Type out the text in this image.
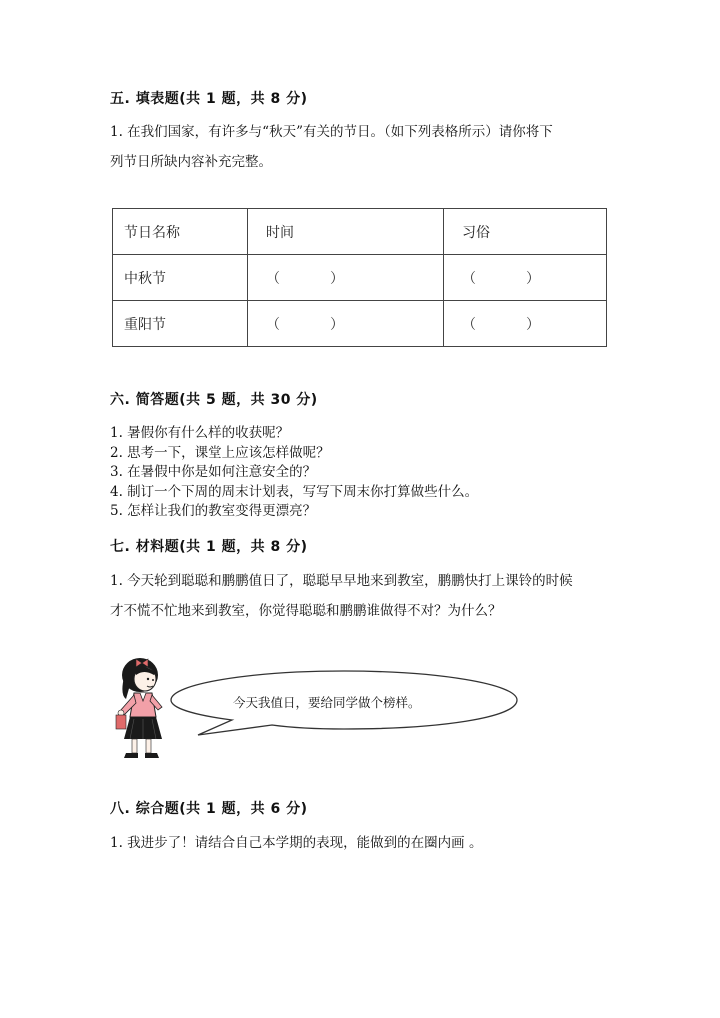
五. 填表题(共 1 题，共 8 分)
1. 在我们国家，有许多与“秋天”有关的节日。（如下列表格所示）请你将下
列节日所缺内容补充完整。
节日名称	时间	习俗
中秋节	（ ）	（ ）
重阳节	（ ）	（ ）
六. 简答题(共 5 题，共 30 分)
1. 暑假你有什么样的收获呢？
2. 思考一下，课堂上应该怎样做呢？
3. 在暑假中你是如何注意安全的？
4. 制订一个下周的周末计划表，写写下周末你打算做些什么。
5. 怎样让我们的教室变得更漂亮？
七. 材料题(共 1 题，共 8 分)
1. 今天轮到聪聪和鹏鹏值日了，聪聪早早地来到教室，鹏鹏快打上课铃的时候
才不慌不忙地来到教室，你觉得聪聪和鹏鹏谁做得不对？为什么？
今天我值日，要给同学做个榜样。
八. 综合题(共 1 题，共 6 分)
1. 我进步了！请结合自己本学期的表现，能做到的在圈内画 。
